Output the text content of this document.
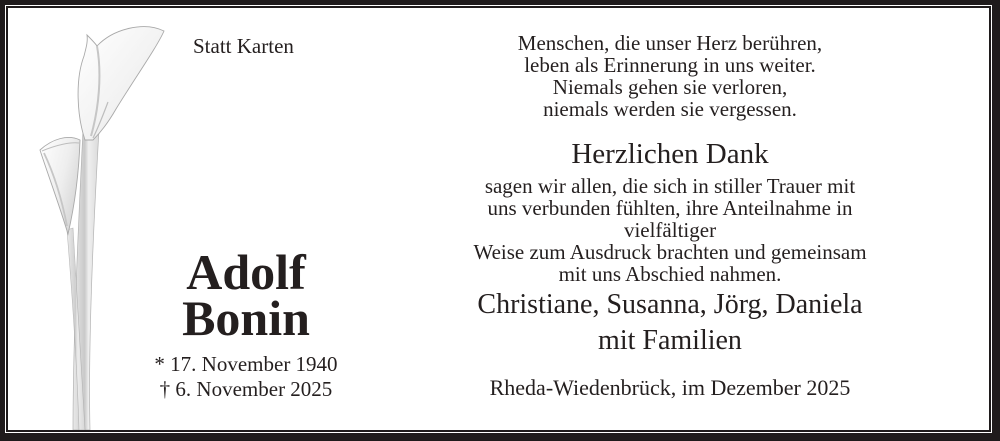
Statt Karten	Menschen, die unser Herz berühren,
leben als Erinnerung in uns weiter.
Niemals gehen sie verloren,
niemals werden sie vergessen.
Herzlichen Dank
sagen wir allen, die sich in stiller Trauer mit
uns verbunden fühlten, ihre Anteilnahme in vielfältiger
Weise zum Ausdruck brachten und gemeinsam
mit uns Abschied nahmen.
Adolf
Bonin
* 17. November 1940
† 6. November 2025
Christiane, Susanna, Jörg, Daniela
mit Familien
Rheda-Wiedenbrück, im Dezember 2025
